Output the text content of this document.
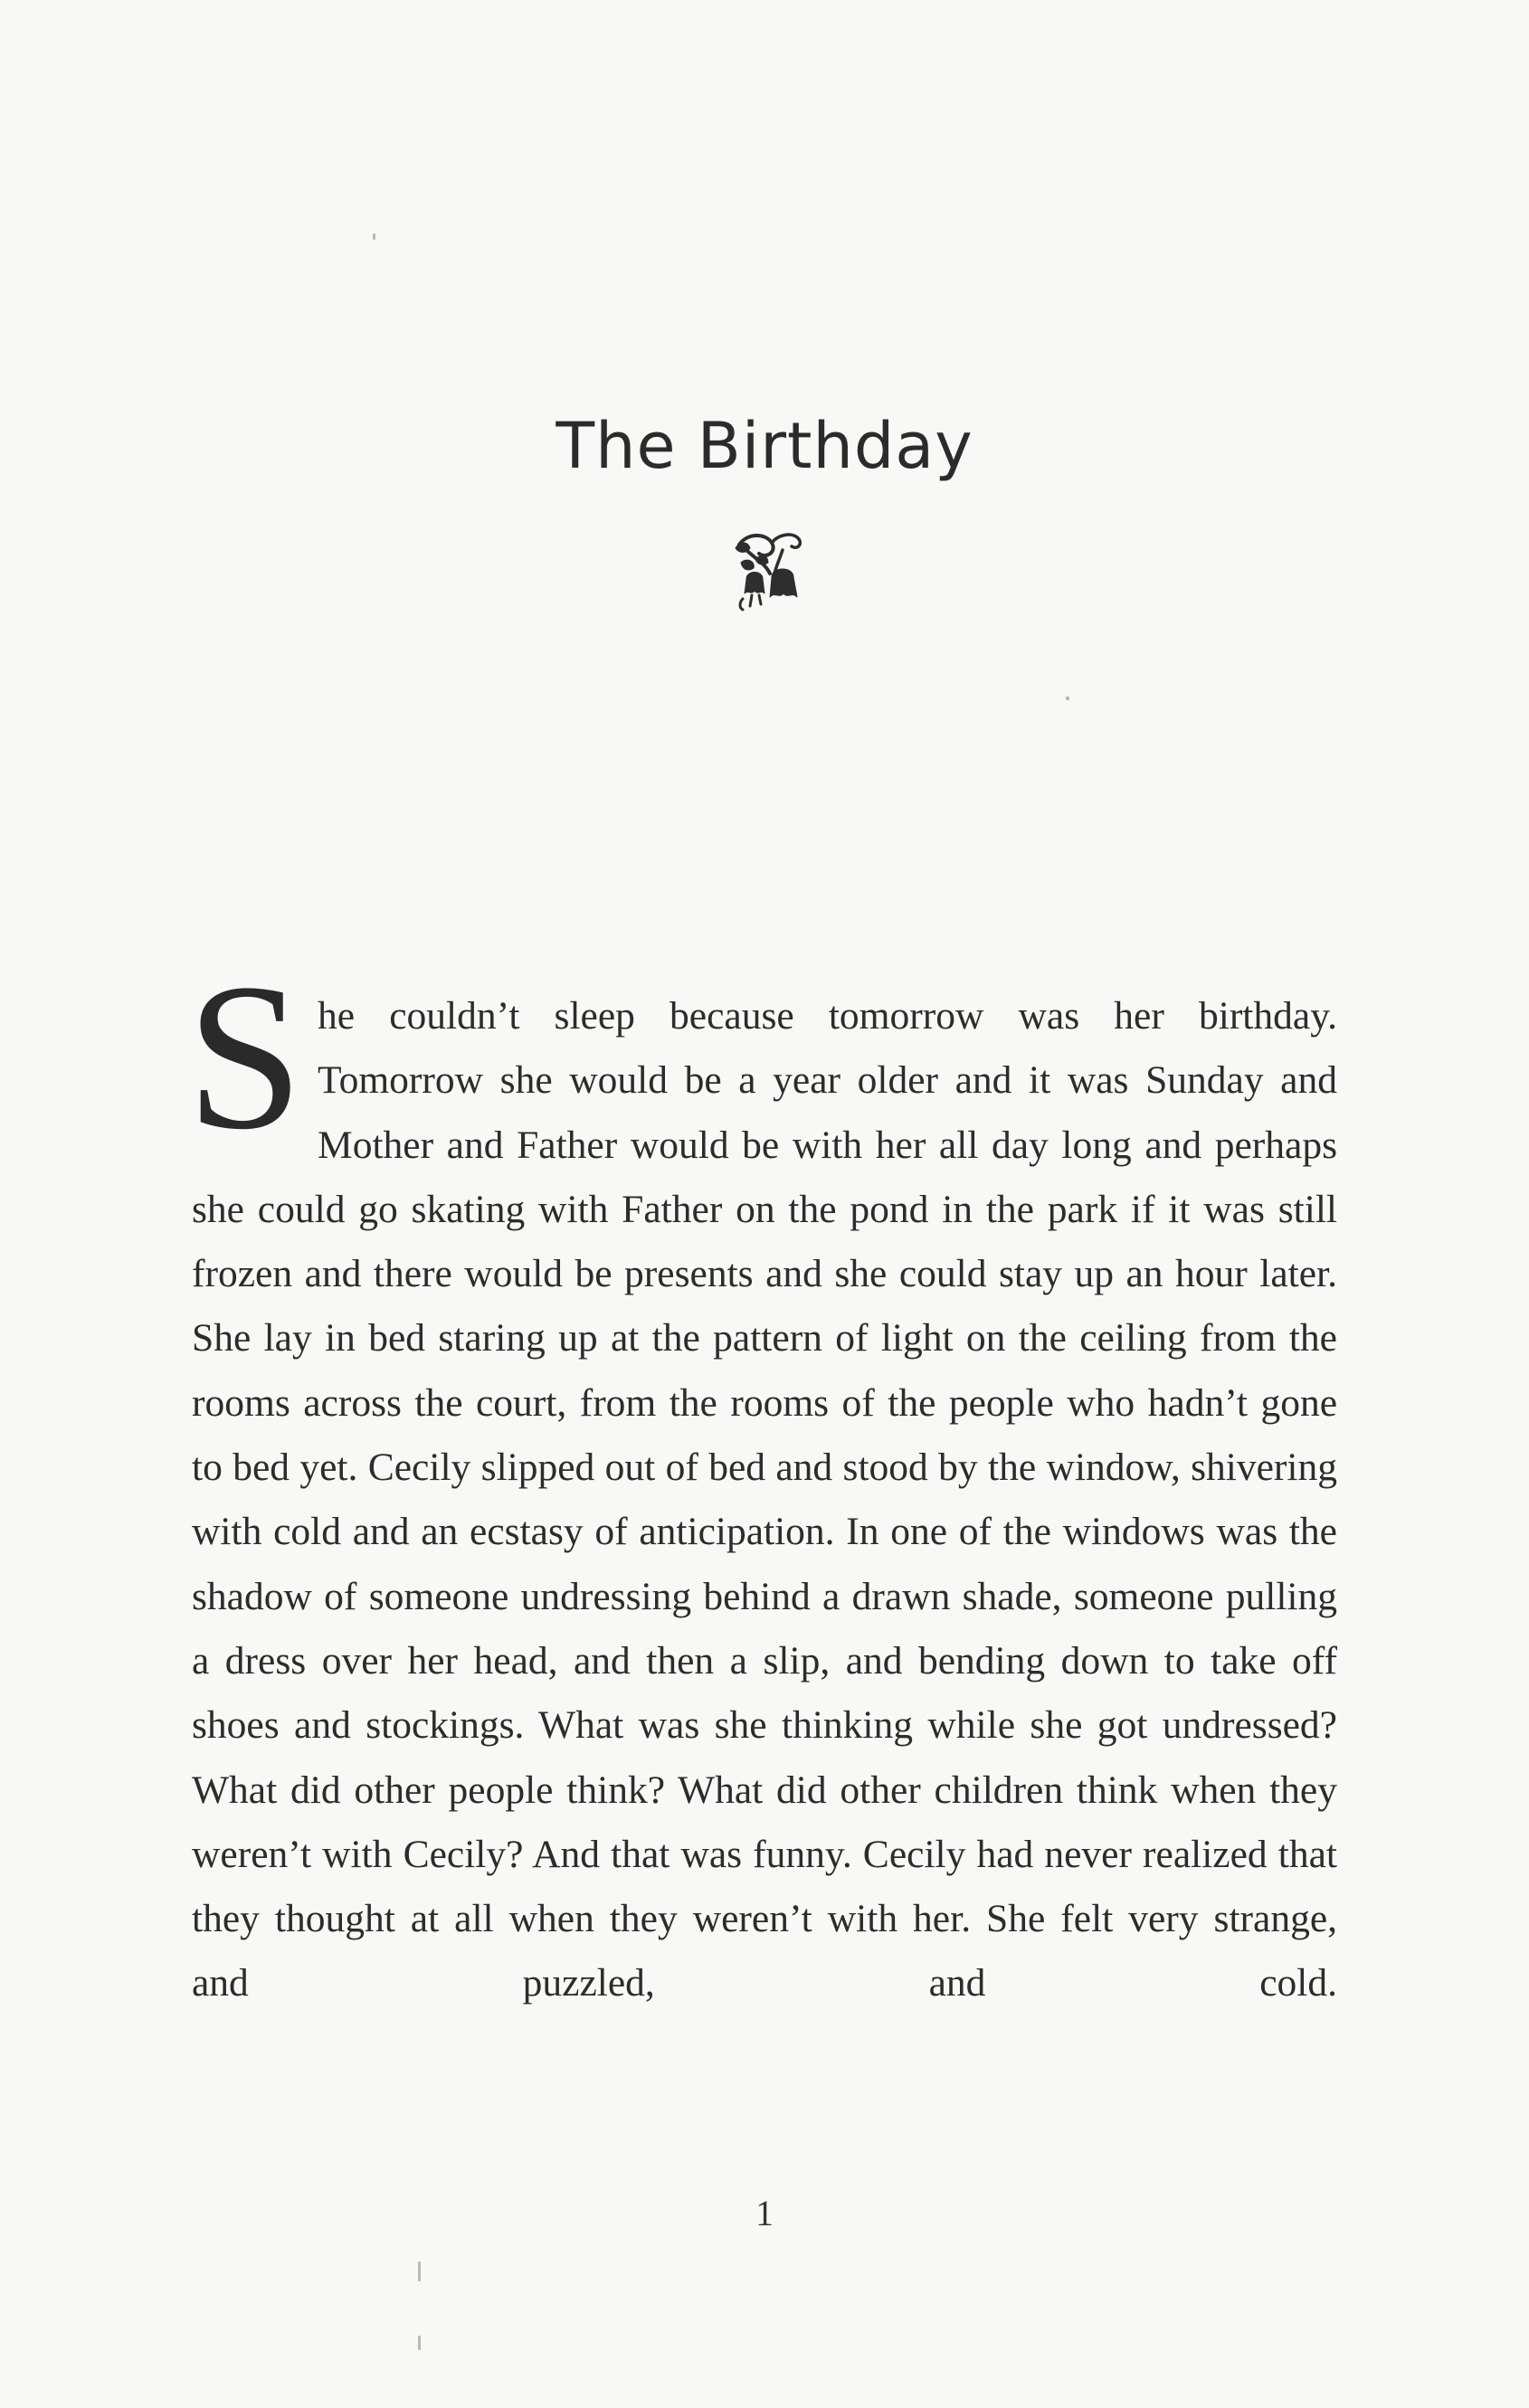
The Birthday

She couldn’t sleep because tomorrow was her birthday. Tomorrow she would be a year older and it was Sunday and Mother and Father would be with her all day long and perhaps she could go skating with Father on the pond in the park if it was still frozen and there would be presents and she could stay up an hour later. She lay in bed staring up at the pattern of light on the ceiling from the rooms across the court, from the rooms of the people who hadn’t gone to bed yet. Cecily slipped out of bed and stood by the window, shivering with cold and an ecstasy of anticipation. In one of the windows was the shadow of someone undressing behind a drawn shade, someone pulling a dress over her head, and then a slip, and bending down to take off shoes and stockings. What was she thinking while she got undressed? What did other people think? What did other children think when they weren’t with Cecily? And that was funny. Cecily had never realized that they thought at all when they weren’t with her. She felt very strange, and puzzled, and cold.

1
